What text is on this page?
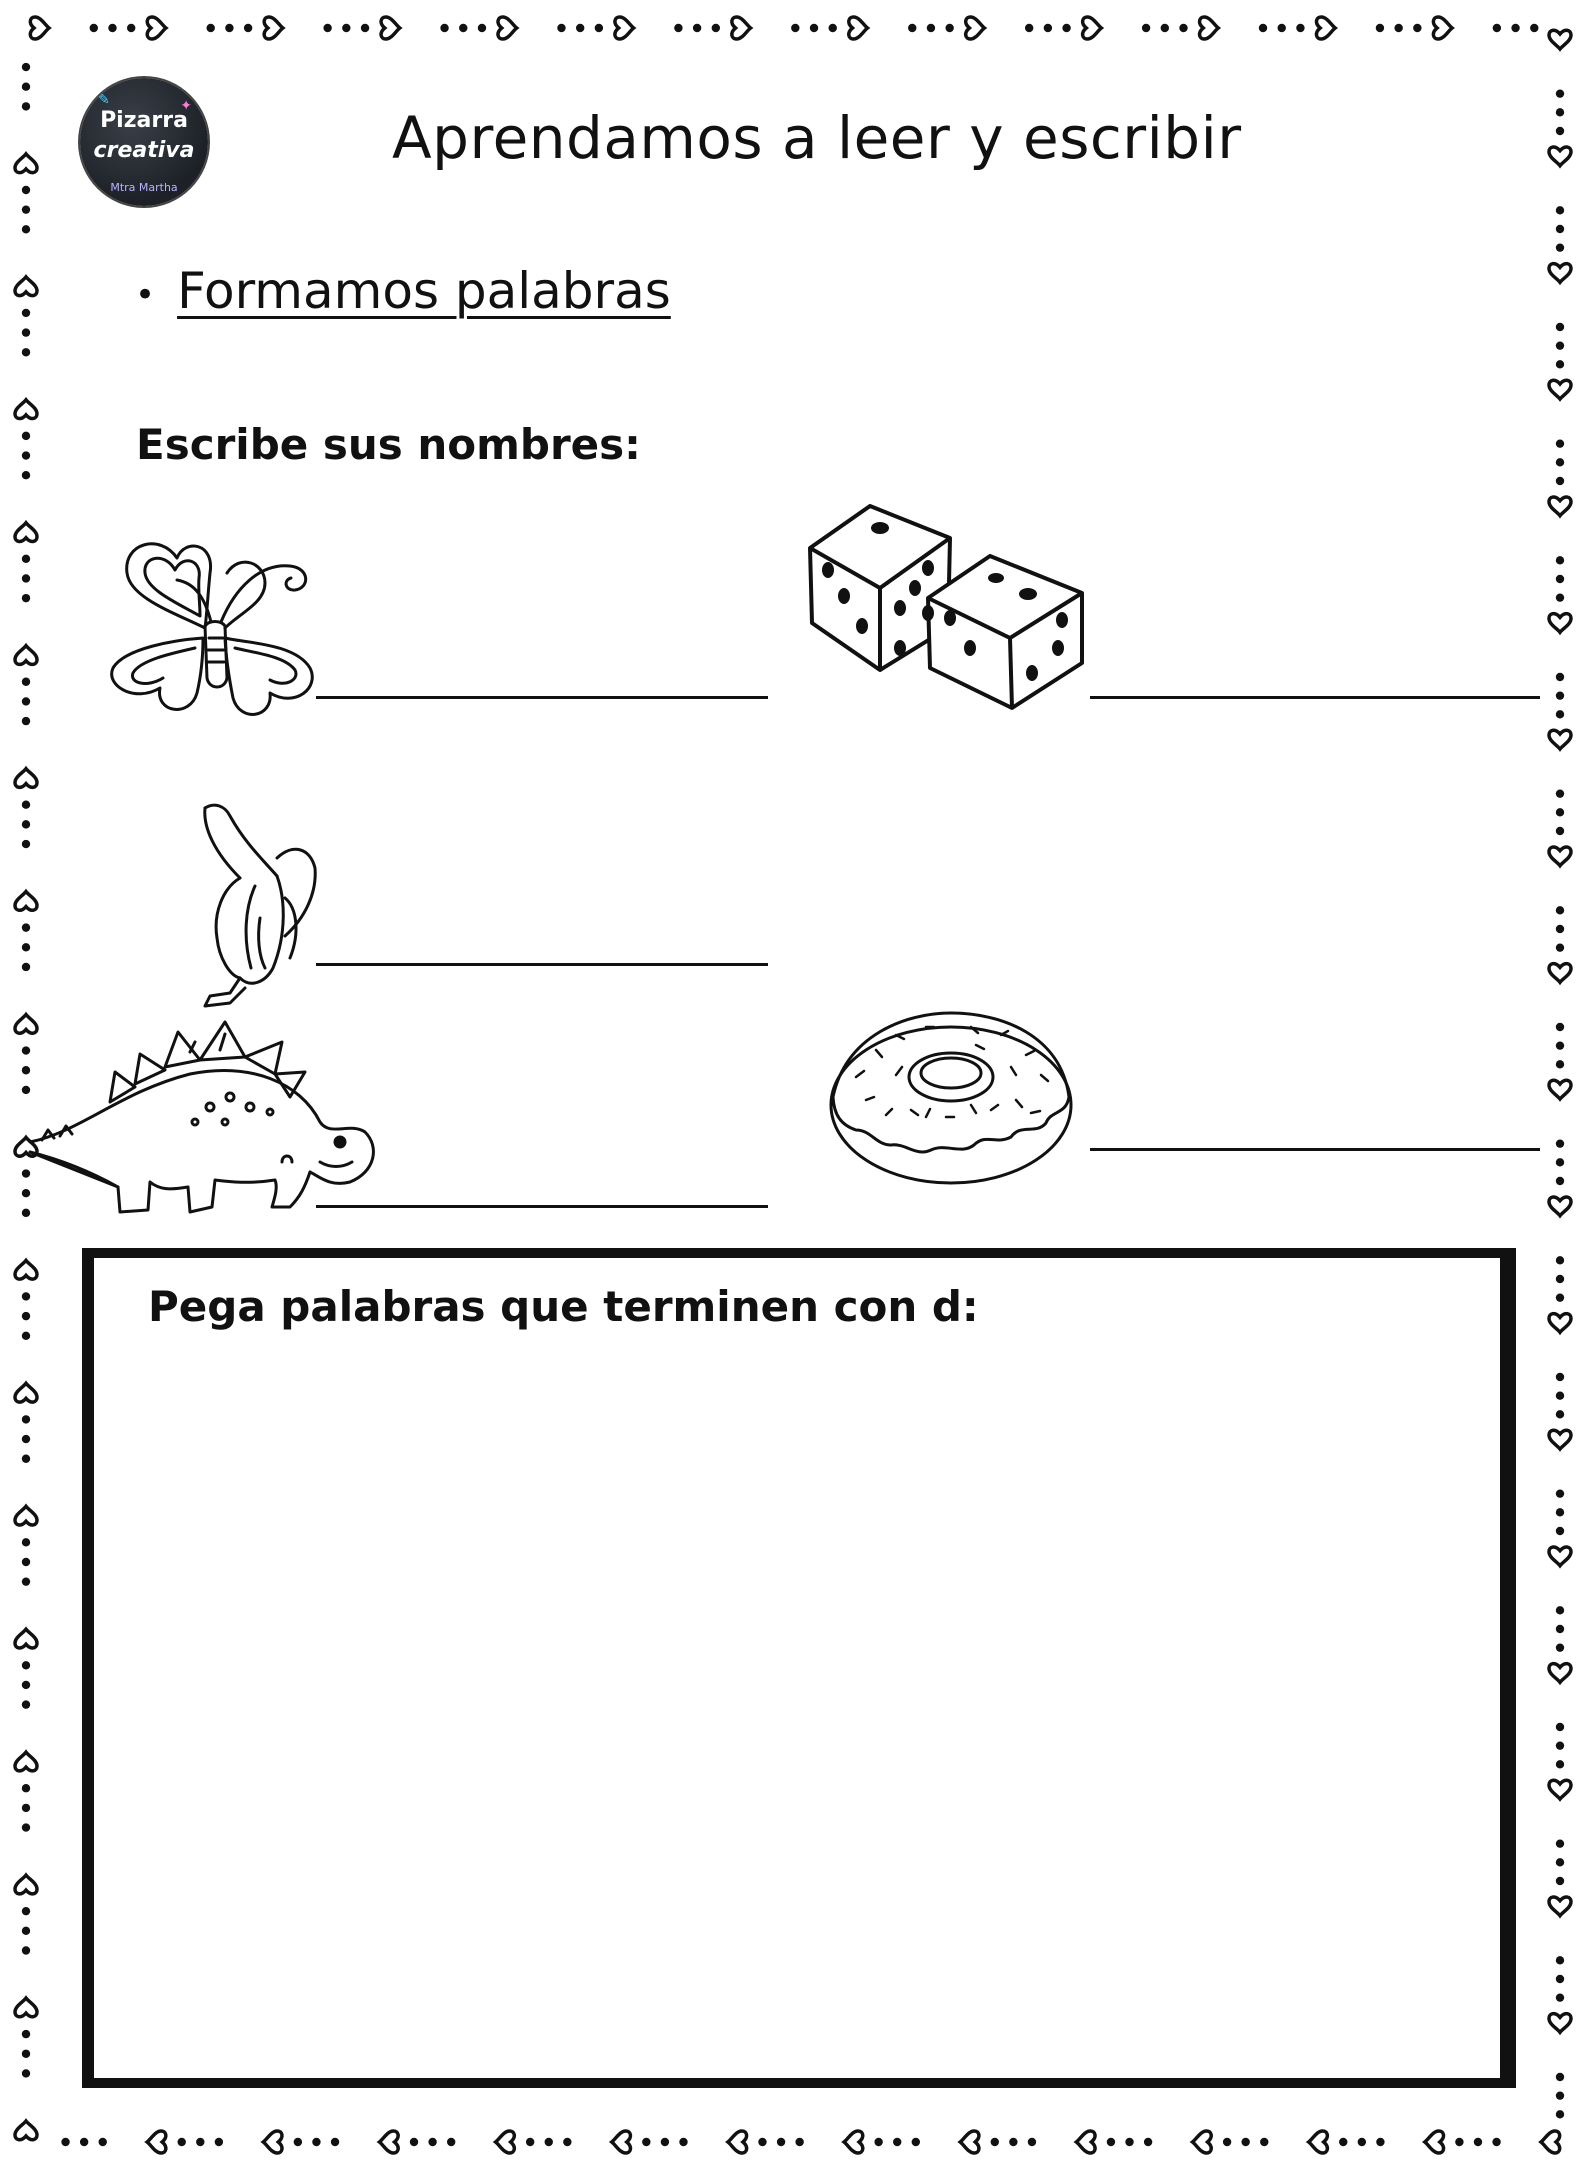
✎	✦
Pizarra
creativa
Mtra Martha
Aprendamos a leer y escribir
• Formamos palabras
Escribe sus nombres:
Pega palabras que terminen con d:
